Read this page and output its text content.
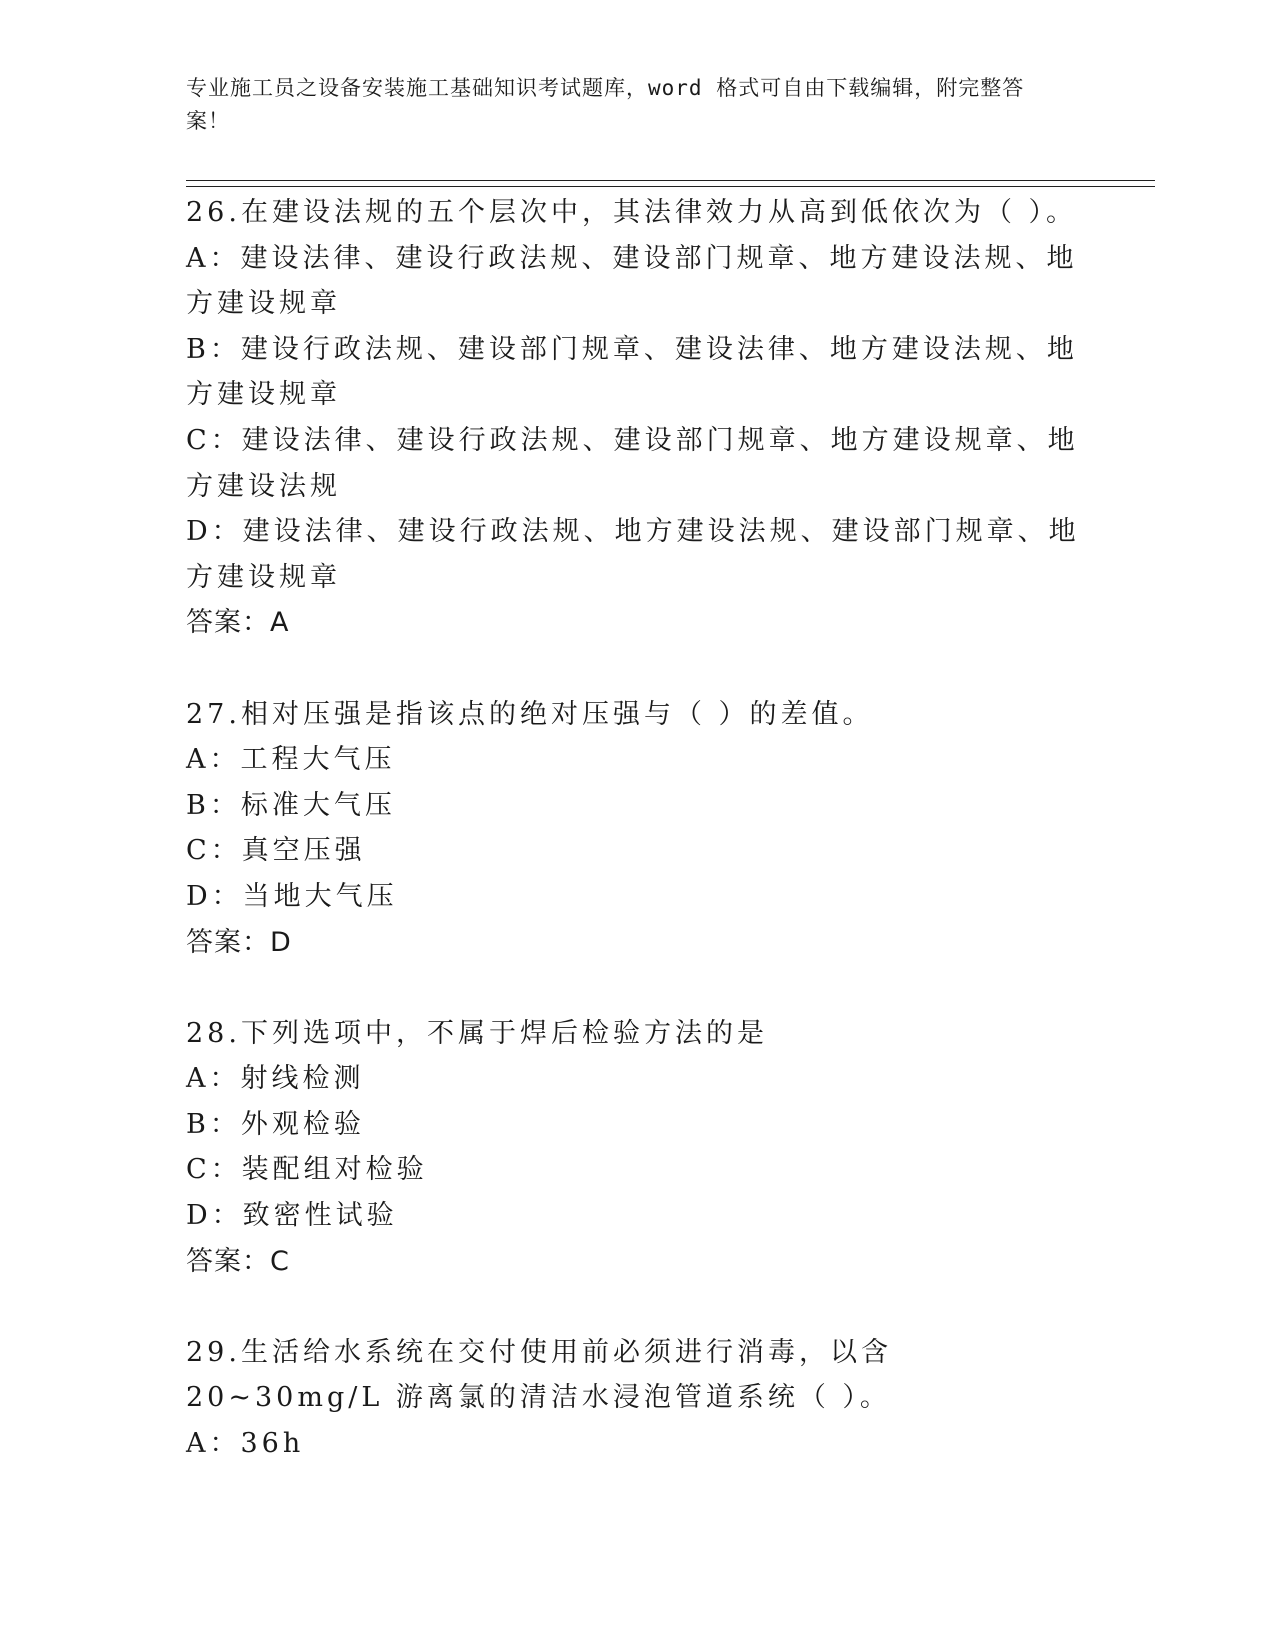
专业施工员之设备安装施工基础知识考试题库，word 格式可自由下载编辑，附完整答案！
26.在建设法规的五个层次中，其法律效力从高到低依次为（ ）。
A：建设法律、建设行政法规、建设部门规章、地方建设法规、地方建设规章
B：建设行政法规、建设部门规章、建设法律、地方建设法规、地方建设规章
C：建设法律、建设行政法规、建设部门规章、地方建设规章、地方建设法规
D：建设法律、建设行政法规、地方建设法规、建设部门规章、地方建设规章
答案：A
27.相对压强是指该点的绝对压强与（ ）的差值。
A：工程大气压
B：标准大气压
C：真空压强
D：当地大气压
答案：D
28.下列选项中，不属于焊后检验方法的是
A：射线检测
B：外观检验
C：装配组对检验
D：致密性试验
答案：C
29.生活给水系统在交付使用前必须进行消毒，以含 20~30mg/L 游离氯的清洁水浸泡管道系统（ ）。
A：36h
